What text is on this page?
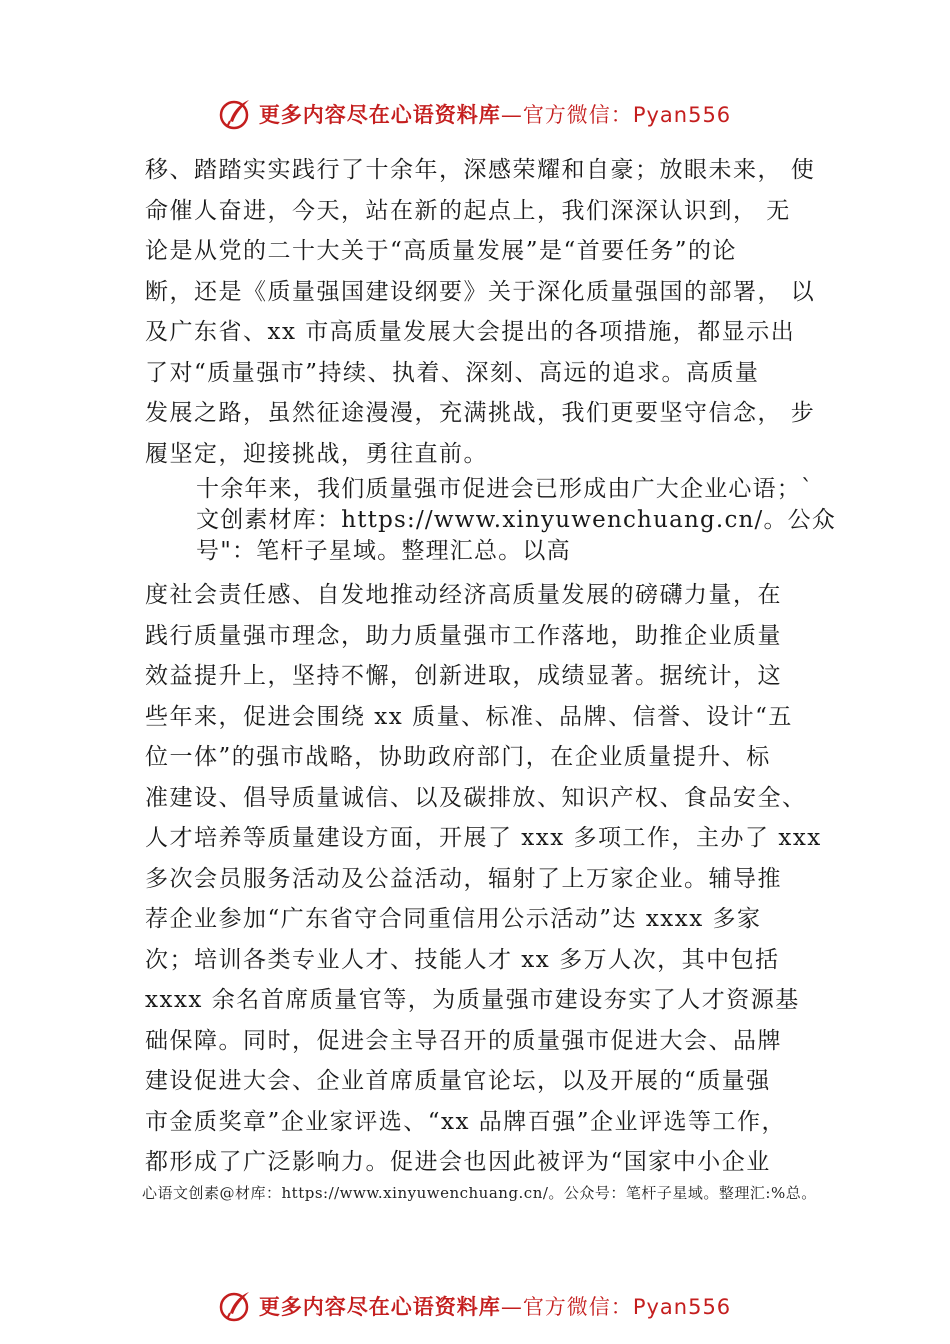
更多内容尽在心语资料库—官方微信：Pyan556
移、踏踏实实践行了十余年，深感荣耀和自豪；放眼未来， 使
命催人奋进，今天，站在新的起点上，我们深深认识到， 无
论是从党的二十大关于“高质量发展”是“首要任务”的论
断，还是《质量强国建设纲要》关于深化质量强国的部署， 以
及广东省、xx 市高质量发展大会提出的各项措施，都显示出
了对“质量强市”持续、执着、深刻、高远的追求。高质量
发展之路，虽然征途漫漫，充满挑战，我们更要坚守信念， 步
履坚定，迎接挑战，勇往直前。
十余年来，我们质量强市促进会已形成由广大企业心语；`
文创素材库：https://www.xinyuwenchuang.cn/。公众
号"：笔杆子星域。整理汇总。以高
度社会责任感、自发地推动经济高质量发展的磅礴力量，在
践行质量强市理念，助力质量强市工作落地，助推企业质量
效益提升上，坚持不懈，创新进取，成绩显著。据统计，这
些年来，促进会围绕 xx 质量、标准、品牌、信誉、设计“五
位一体”的强市战略，协助政府部门，在企业质量提升、标
准建设、倡导质量诚信、以及碳排放、知识产权、食品安全、
人才培养等质量建设方面，开展了 xxx 多项工作，主办了 xxx
多次会员服务活动及公益活动，辐射了上万家企业。辅导推
荐企业参加“广东省守合同重信用公示活动”达 xxxx 多家
次；培训各类专业人才、技能人才 xx 多万人次，其中包括
xxxx 余名首席质量官等，为质量强市建设夯实了人才资源基
础保障。同时，促进会主导召开的质量强市促进大会、品牌
建设促进大会、企业首席质量官论坛，以及开展的“质量强
市金质奖章”企业家评选、“xx 品牌百强”企业评选等工作，
都形成了广泛影响力。促进会也因此被评为“国家中小企业
心语文创素@材库：https://www.xinyuwenchuang.cn/。公众号：笔杆子星域。整理汇:%总。
更多内容尽在心语资料库—官方微信：Pyan556
